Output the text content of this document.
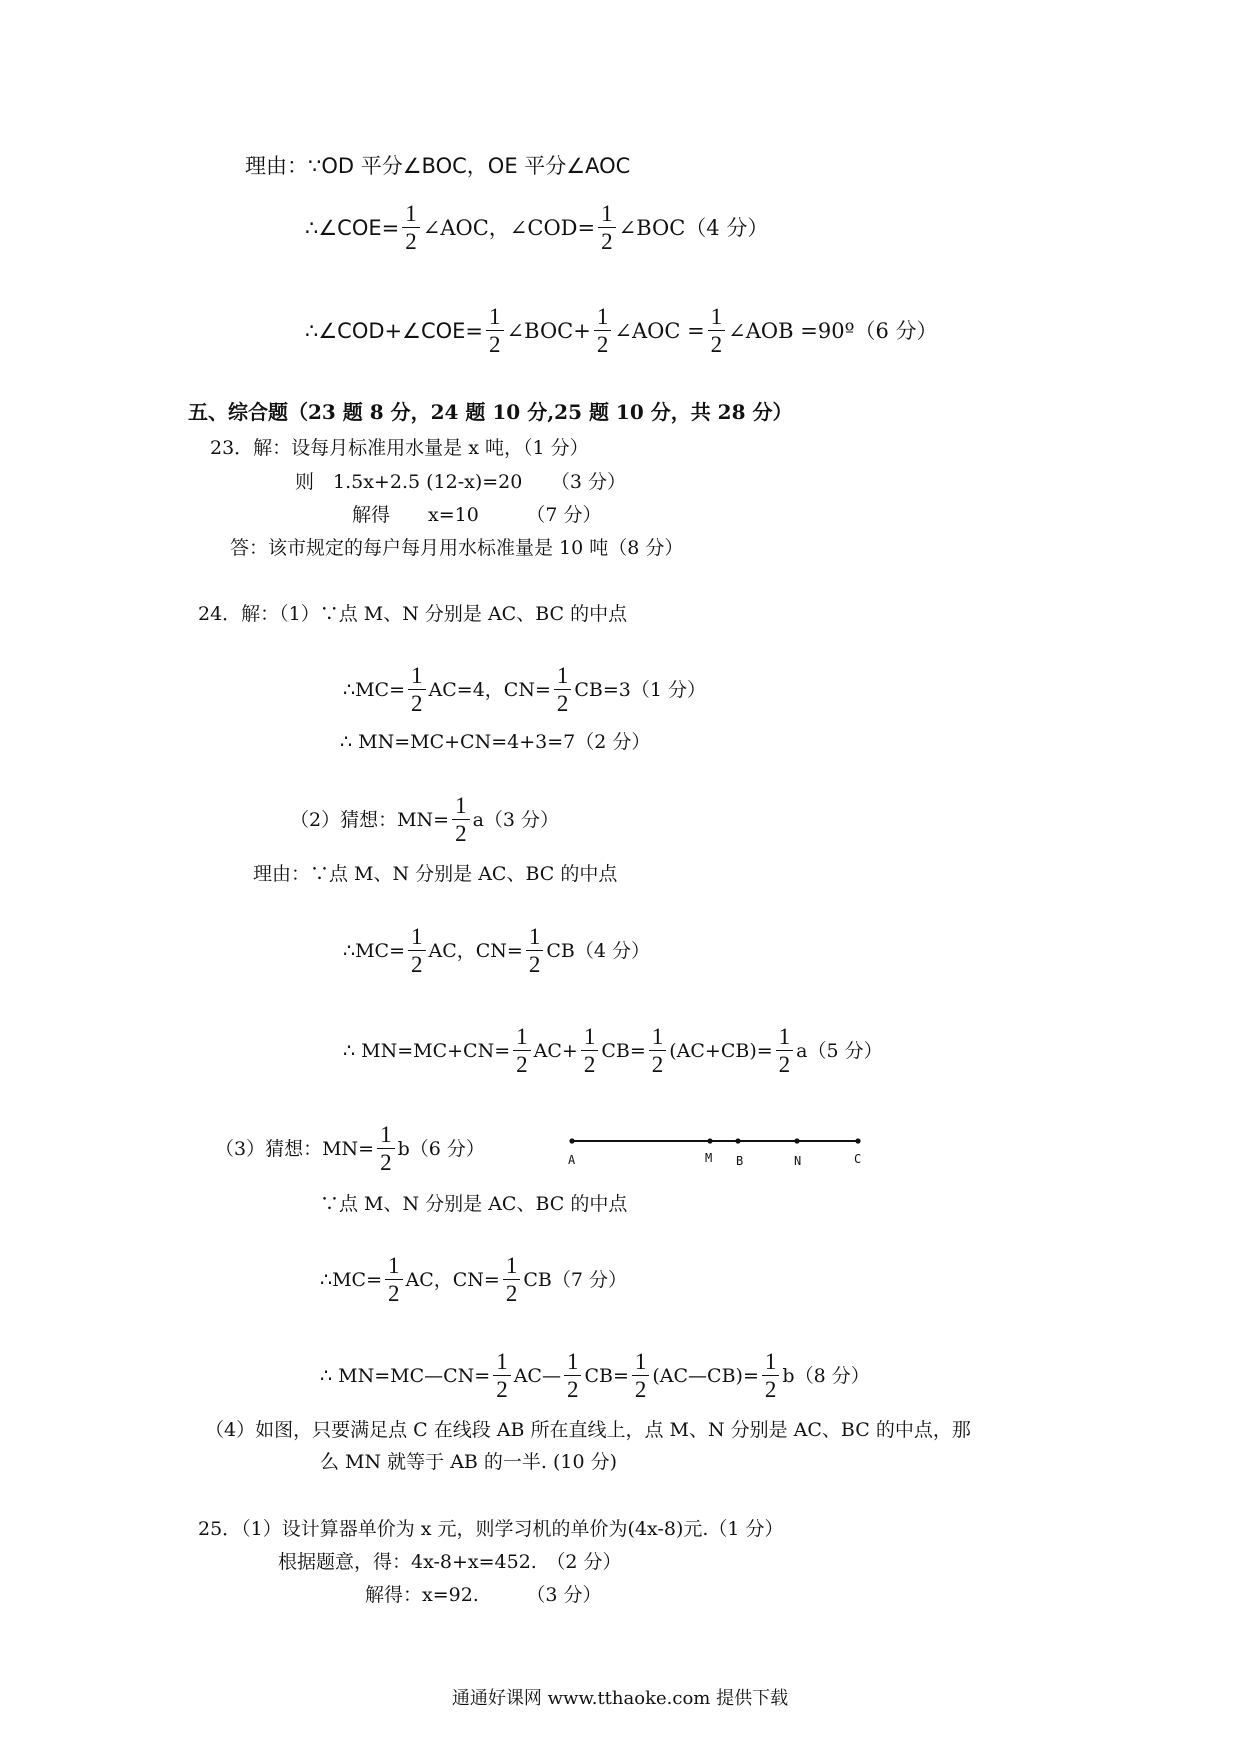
理由：∵OD 平分∠BOC，OE 平分∠AOC
∴∠COE= $\frac{1}{2}$ ∠AOC，∠COD= $\frac{1}{2}$ ∠BOC（4 分）
∴∠COD+∠COE= $\frac{1}{2}$ ∠BOC+ $\frac{1}{2}$ ∠AOC = $\frac{1}{2}$ ∠AOB =90º（6 分）
五、综合题（23 题 8 分，24 题 10 分,25 题 10 分，共 28 分）
23．解：设每月标准用水量是 x 吨，（1 分）
则　1.5x+2.5 (12-x)=20　　（3 分）
解得　　x=10　　　（7 分）
答：该市规定的每户每月用水标准量是 10 吨（8 分）
24．解：（1）∵点 M、N 分别是 AC、BC 的中点
∴MC= $\frac{1}{2} AC=4$，$CN= \frac{1}{2} CB=3(1$ 分）
∴ MN=MC+CN=4+3=7（2 分）
（2）猜想：$MN= \frac{1}{2} a(3$ 分）
理由：∵点 M、N 分别是 AC、BC 的中点
∴MC= $\frac{1}{2}$ AC，$CN= \frac{1}{2} CB(4$ 分）
∴ $MN=MC+CN= \frac{1}{2} AC+ \frac{1}{2} CB= \frac{1}{2} (AC+CB)= \frac{1}{2} a(5$ 分）
（3）猜想：$MN= \frac{1}{2} b(6$ 分）	A	M B	N	C
∵点 M、N 分别是 AC、BC 的中点
∴MC= $\frac{1}{2}$ AC，$CN= \frac{1}{2} CB(7$ 分）
∴ MN=MC—CN= $\frac{1}{2}$ AC— $\frac{1}{2} CB= \frac{1}{2}$ (AC—CB)= $\frac{1}{2} b(8$ 分）
（4）如图，只要满足点 C 在线段 AB 所在直线上，点 M、N 分别是 AC、BC 的中点，那
么 MN 就等于 AB 的一半. (10 分)
25．（1）设计算器单价为 x 元，则学习机的单价为(4x-8)元.（1 分）
根据题意，得：4x-8+x=452.　（2 分）
解得：x=92.　　　（3 分）
通通好课网 www.tthaoke.com 提供下载
